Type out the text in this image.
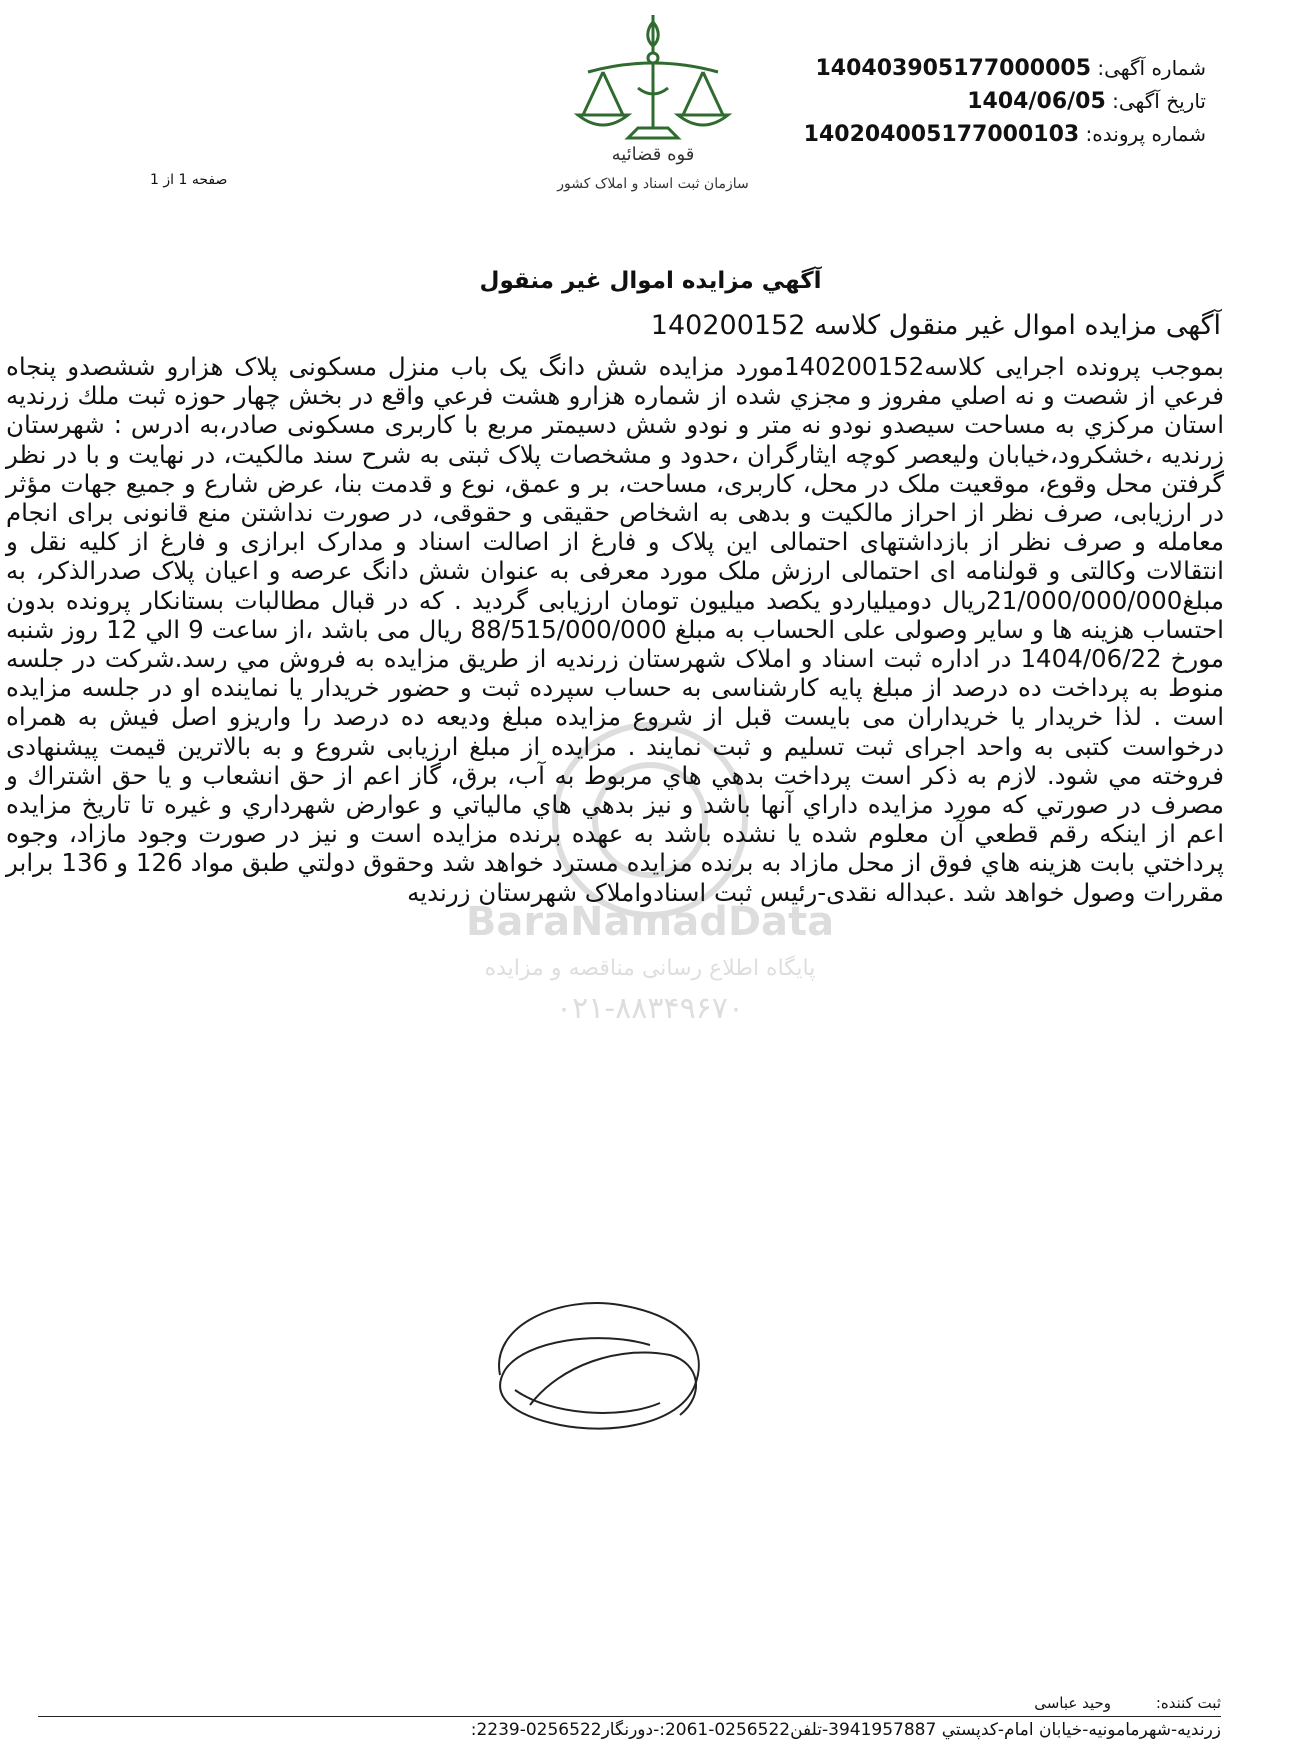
قوه قضائیه
سازمان ثبت اسناد و املاک کشور
شماره آگهی: 140403905177000005
تاریخ آگهی: 1404/06/05
شماره پرونده: 140204005177000103
صفحه 1 از 1
آگهي مزايده اموال غير منقول
آگهی مزایده اموال غیر منقول کلاسه 140200152
BaraNamadData
پایگاه اطلاع رسانی مناقصه و مزایده
۰۲۱-۸۸۳۴۹۶۷۰
بموجب پرونده اجرایی کلاسه140200152مورد مزایده شش دانگ یک باب منزل مسکونی پلاک هزارو ششصدو پنجاه فرعي از شصت و نه اصلي مفروز و مجزي شده از شماره هزارو هشت فرعي واقع در بخش چهار حوزه ثبت ملك زرنديه استان مركزي به مساحت سيصدو نودو نه متر و نودو شش دسيمتر مربع با کاربری مسکونی صادر،به ادرس : شهرستان زرندیه ،خشکرود،خیابان ولیعصر کوچه ایثارگران ،حدود و مشخصات پلاک ثبتی به شرح سند مالکیت، در نهایت و با در نظر گرفتن محل وقوع، موقعیت ملک در محل، کاربری، مساحت، بر و عمق، نوع و قدمت بنا، عرض شارع و جمیع جهات مؤثر در ارزیابی، صرف نظر از احراز مالکیت و بدهی به اشخاص حقیقی و حقوقی، در صورت نداشتن منع قانونی برای انجام معامله و صرف نظر از بازداشتهای احتمالی این پلاک و فارغ از اصالت اسناد و مدارک ابرازی و فارغ از کلیه نقل و انتقالات وکالتی و قولنامه ای احتمالی ارزش ملک مورد معرفی به عنوان شش دانگ عرصه و اعیان پلاک صدرالذکر، به مبلغ21/000/000/000ریال دومیلیاردو یکصد میلیون تومان ارزیابی گردید . که در قبال مطالبات بستانکار پرونده بدون احتساب هزینه ها و سایر وصولی علی الحساب به مبلغ 88/515/000/000 ریال می باشد ،از ساعت 9 الي 12 روز شنبه مورخ 1404/06/22 در اداره ثبت اسناد و املاک شهرستان زرنديه از طريق مزايده به فروش مي رسد.شرکت در جلسه منوط به پرداخت ده درصد از مبلغ پایه کارشناسی به حساب سپرده ثبت و حضور خریدار یا نماینده او در جلسه مزایده است . لذا خریدار یا خریداران می بایست قبل از شروع مزایده مبلغ ودیعه ده درصد را واریزو اصل فیش به همراه درخواست کتبی به واحد اجرای ثبت تسلیم و ثبت نمایند . مزایده از مبلغ ارزیابی شروع و به بالاترین قیمت پیشنهادی فروخته مي شود. لازم به ذكر است پرداخت بدهي هاي مربوط به آب، برق، گاز اعم از حق انشعاب و يا حق اشتراك و مصرف در صورتي كه مورد مزايده داراي آنها باشد و نيز بدهي هاي مالياتي و عوارض شهرداري و غيره تا تاريخ مزايده اعم از اينكه رقم قطعي آن معلوم شده يا نشده باشد به عهده برنده مزايده است و نيز در صورت وجود مازاد، وجوه پرداختي بابت هزينه هاي فوق از محل مازاد به برنده مزايده مسترد خواهد شد وحقوق دولتي طبق مواد 126 و 136 برابر مقررات وصول خواهد شد .عبداله نقدی-رئیس ثبت اسنادواملاک شهرستان زرندیه
ثبت کننده: وحید عباسی
زرنديه-شهرمامونيه-خيابان امام-كدپستي 3941957887-تلفن0256522-2061:-دورنگار0256522-2239:
